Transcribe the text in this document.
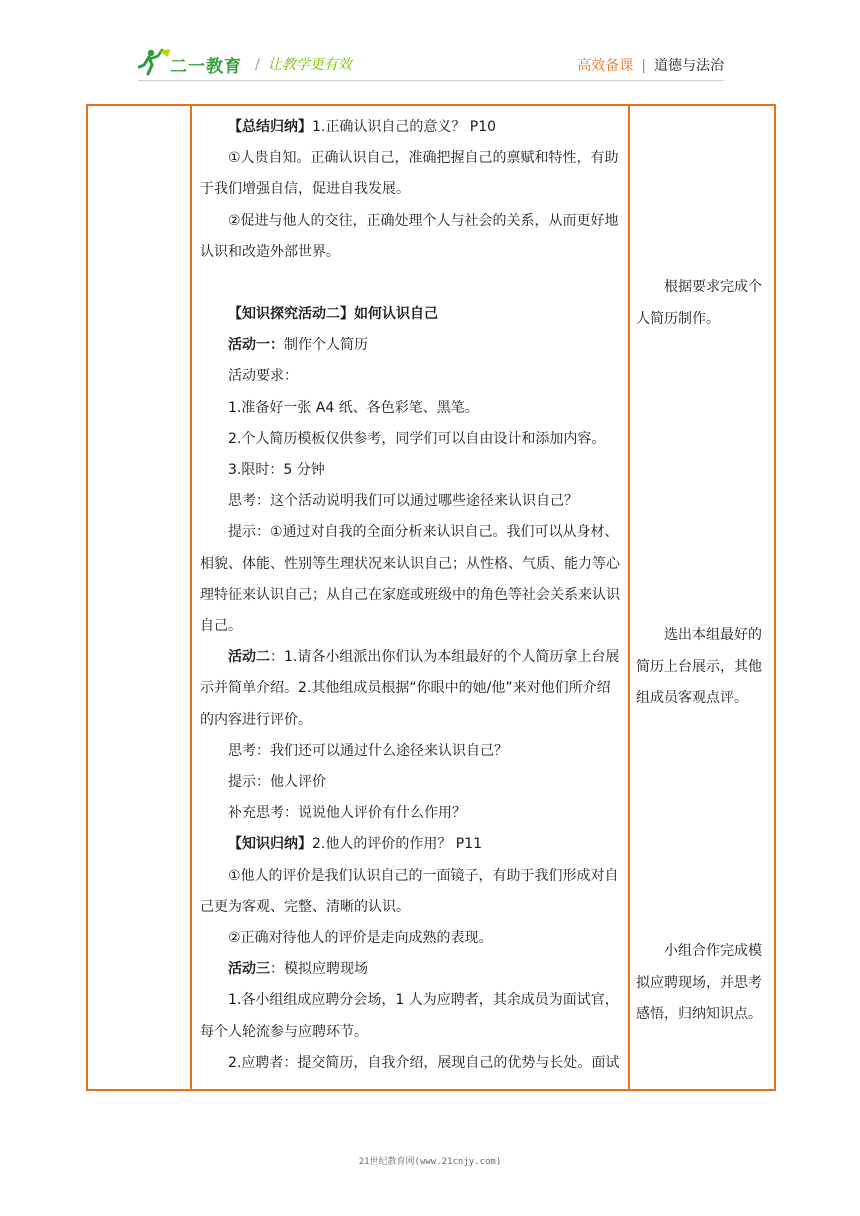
二一教育 / 让教学更有效	高效备课 | 道德与法治

【总结归纳】1.正确认识自己的意义？ P10

①人贵自知。正确认识自己，准确把握自己的禀赋和特性，有助于我们增强自信，促进自我发展。

②促进与他人的交往，正确处理个人与社会的关系，从而更好地认识和改造外部世界。

【知识探究活动二】如何认识自己

活动一：制作个人简历

活动要求：

1.准备好一张 A4 纸、各色彩笔、黑笔。

2.个人简历模板仅供参考，同学们可以自由设计和添加内容。

3.限时：5 分钟

思考：这个活动说明我们可以通过哪些途径来认识自己？

提示：①通过对自我的全面分析来认识自己。我们可以从身材、相貌、体能、性别等生理状况来认识自己；从性格、气质、能力等心理特征来认识自己；从自己在家庭或班级中的角色等社会关系来认识自己。

活动二：1.请各小组派出你们认为本组最好的个人简历拿上台展示并简单介绍。2.其他组成员根据“你眼中的她/他”来对他们所介绍的内容进行评价。

思考：我们还可以通过什么途径来认识自己？

提示：他人评价

补充思考：说说他人评价有什么作用？

【知识归纳】2.他人的评价的作用？ P11

①他人的评价是我们认识自己的一面镜子，有助于我们形成对自己更为客观、完整、清晰的认识。

②正确对待他人的评价是走向成熟的表现。

活动三：模拟应聘现场

1.各小组组成应聘分会场，1 人为应聘者，其余成员为面试官，每个人轮流参与应聘环节。

2.应聘者：提交简历，自我介绍，展现自己的优势与长处。面试

根据要求完成个人简历制作。

选出本组最好的简历上台展示，其他组成员客观点评。

小组合作完成模拟应聘现场，并思考感悟，归纳知识点。

21世纪教育网(www.21cnjy.com)
